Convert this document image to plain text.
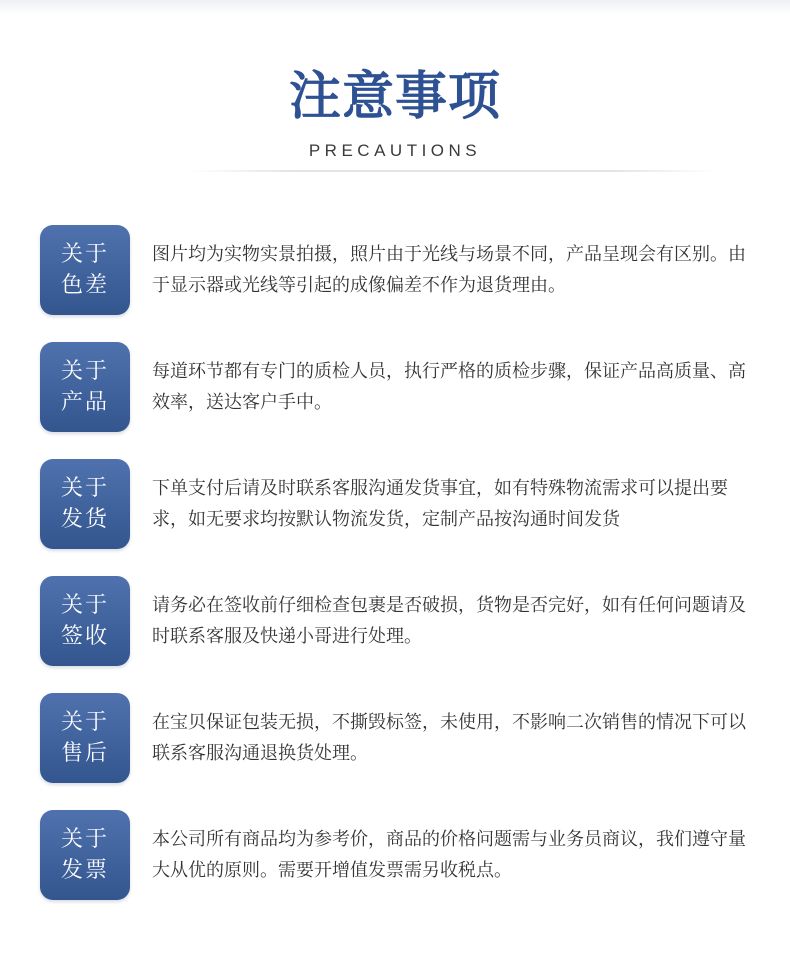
注意事项
PRECAUTIONS
关于
色差
图片均为实物实景拍摄，照片由于光线与场景不同，产品呈现会有区别。由于显示器或光线等引起的成像偏差不作为退货理由。
关于
产品
每道环节都有专门的质检人员，执行严格的质检步骤，保证产品高质量、高效率，送达客户手中。
关于
发货
下单支付后请及时联系客服沟通发货事宜，如有特殊物流需求可以提出要求，如无要求均按默认物流发货，定制产品按沟通时间发货
关于
签收
请务必在签收前仔细检查包裹是否破损，货物是否完好，如有任何问题请及时联系客服及快递小哥进行处理。
关于
售后
在宝贝保证包装无损，不撕毁标签，未使用，不影响二次销售的情况下可以联系客服沟通退换货处理。
关于
发票
本公司所有商品均为参考价，商品的价格问题需与业务员商议，我们遵守量大从优的原则。需要开增值发票需另收税点。
